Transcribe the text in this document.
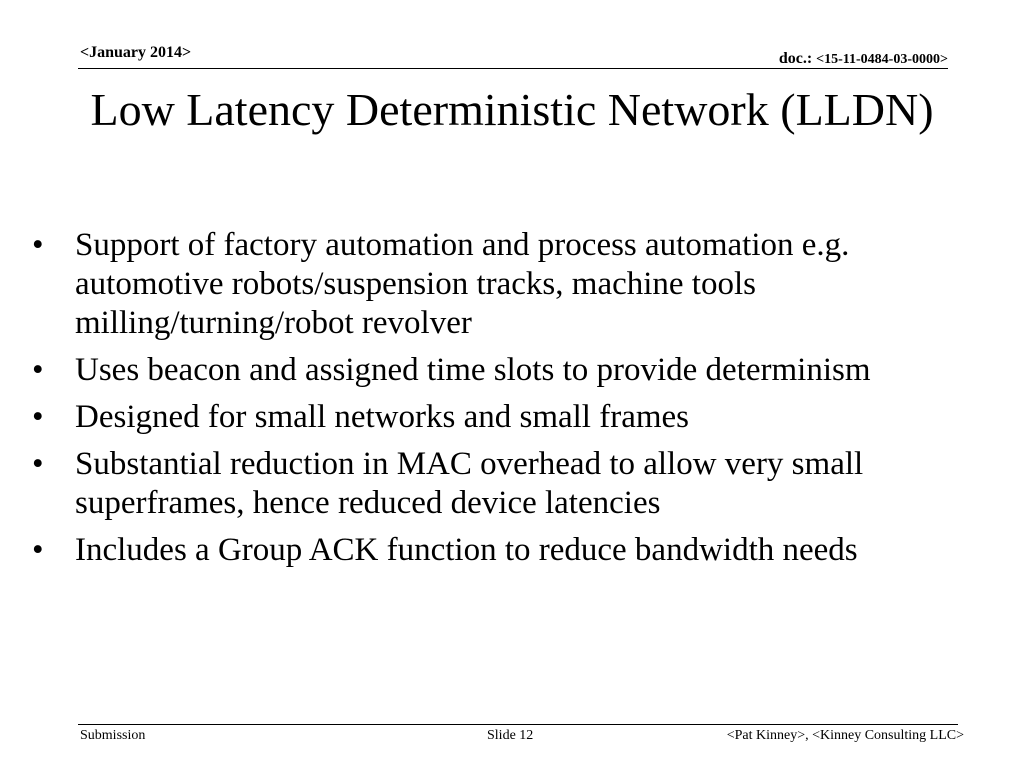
<January 2014>	doc.: <15-11-0484-03-0000>
Low Latency Deterministic Network (LLDN)
• Support of factory automation and process automation e.g. automotive robots/suspension tracks, machine tools milling/turning/robot revolver
• Uses beacon and assigned time slots to provide determinism
• Designed for small networks and small frames
• Substantial reduction in MAC overhead to allow very small superframes, hence reduced device latencies
• Includes a Group ACK function to reduce bandwidth needs
Submission	Slide 12	<Pat Kinney>, <Kinney Consulting LLC>
